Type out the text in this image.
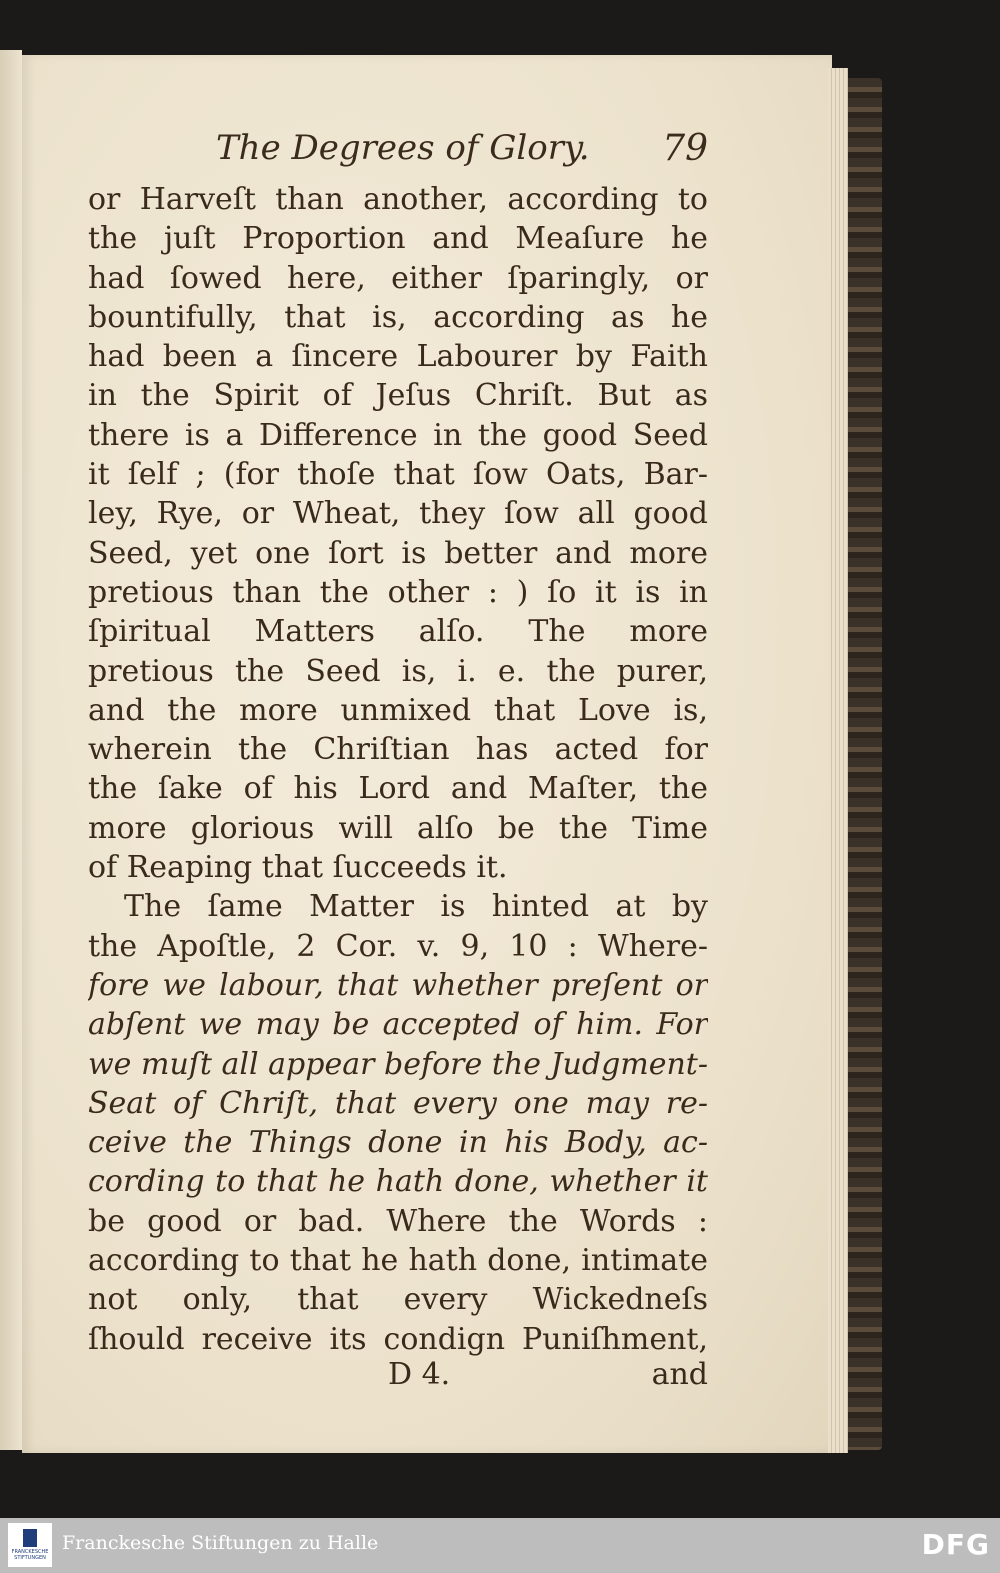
The Degrees of Glory. 79
or Harveſt than another, according to
the juſt Proportion and Meaſure he
had ſowed here, either ſparingly, or
bountifully, that is, according as he
had been a ſincere Labourer by Faith
in the Spirit of Jeſus Chriſt. But as
there is a Difference in the good Seed
it ſelf ; (for thoſe that ſow Oats, Bar-
ley, Rye, or Wheat, they ſow all good
Seed, yet one ſort is better and more
pretious than the other : ) ſo it is in
ſpiritual Matters alſo. The more
pretious the Seed is, i. e. the purer,
and the more unmixed that Love is,
wherein the Chriſtian has acted for
the ſake of his Lord and Maſter, the
more glorious will alſo be the Time
of Reaping that ſucceeds it.
The ſame Matter is hinted at by
the Apoſtle, 2 Cor. v. 9, 10 : Where-
fore we labour, that whether preſent or
abſent we may be accepted of him. For
we muſt all appear before the Judgment-
Seat of Chriſt, that every one may re-
ceive the Things done in his Body, ac-
cording to that he hath done, whether it
be good or bad. Where the Words :
according to that he hath done, intimate
not only, that every Wickedneſs
ſhould receive its condign Puniſhment,
D 4.	and
FRANCKESCHE STIFTUNGEN
Franckesche Stiftungen zu Halle	DFG
